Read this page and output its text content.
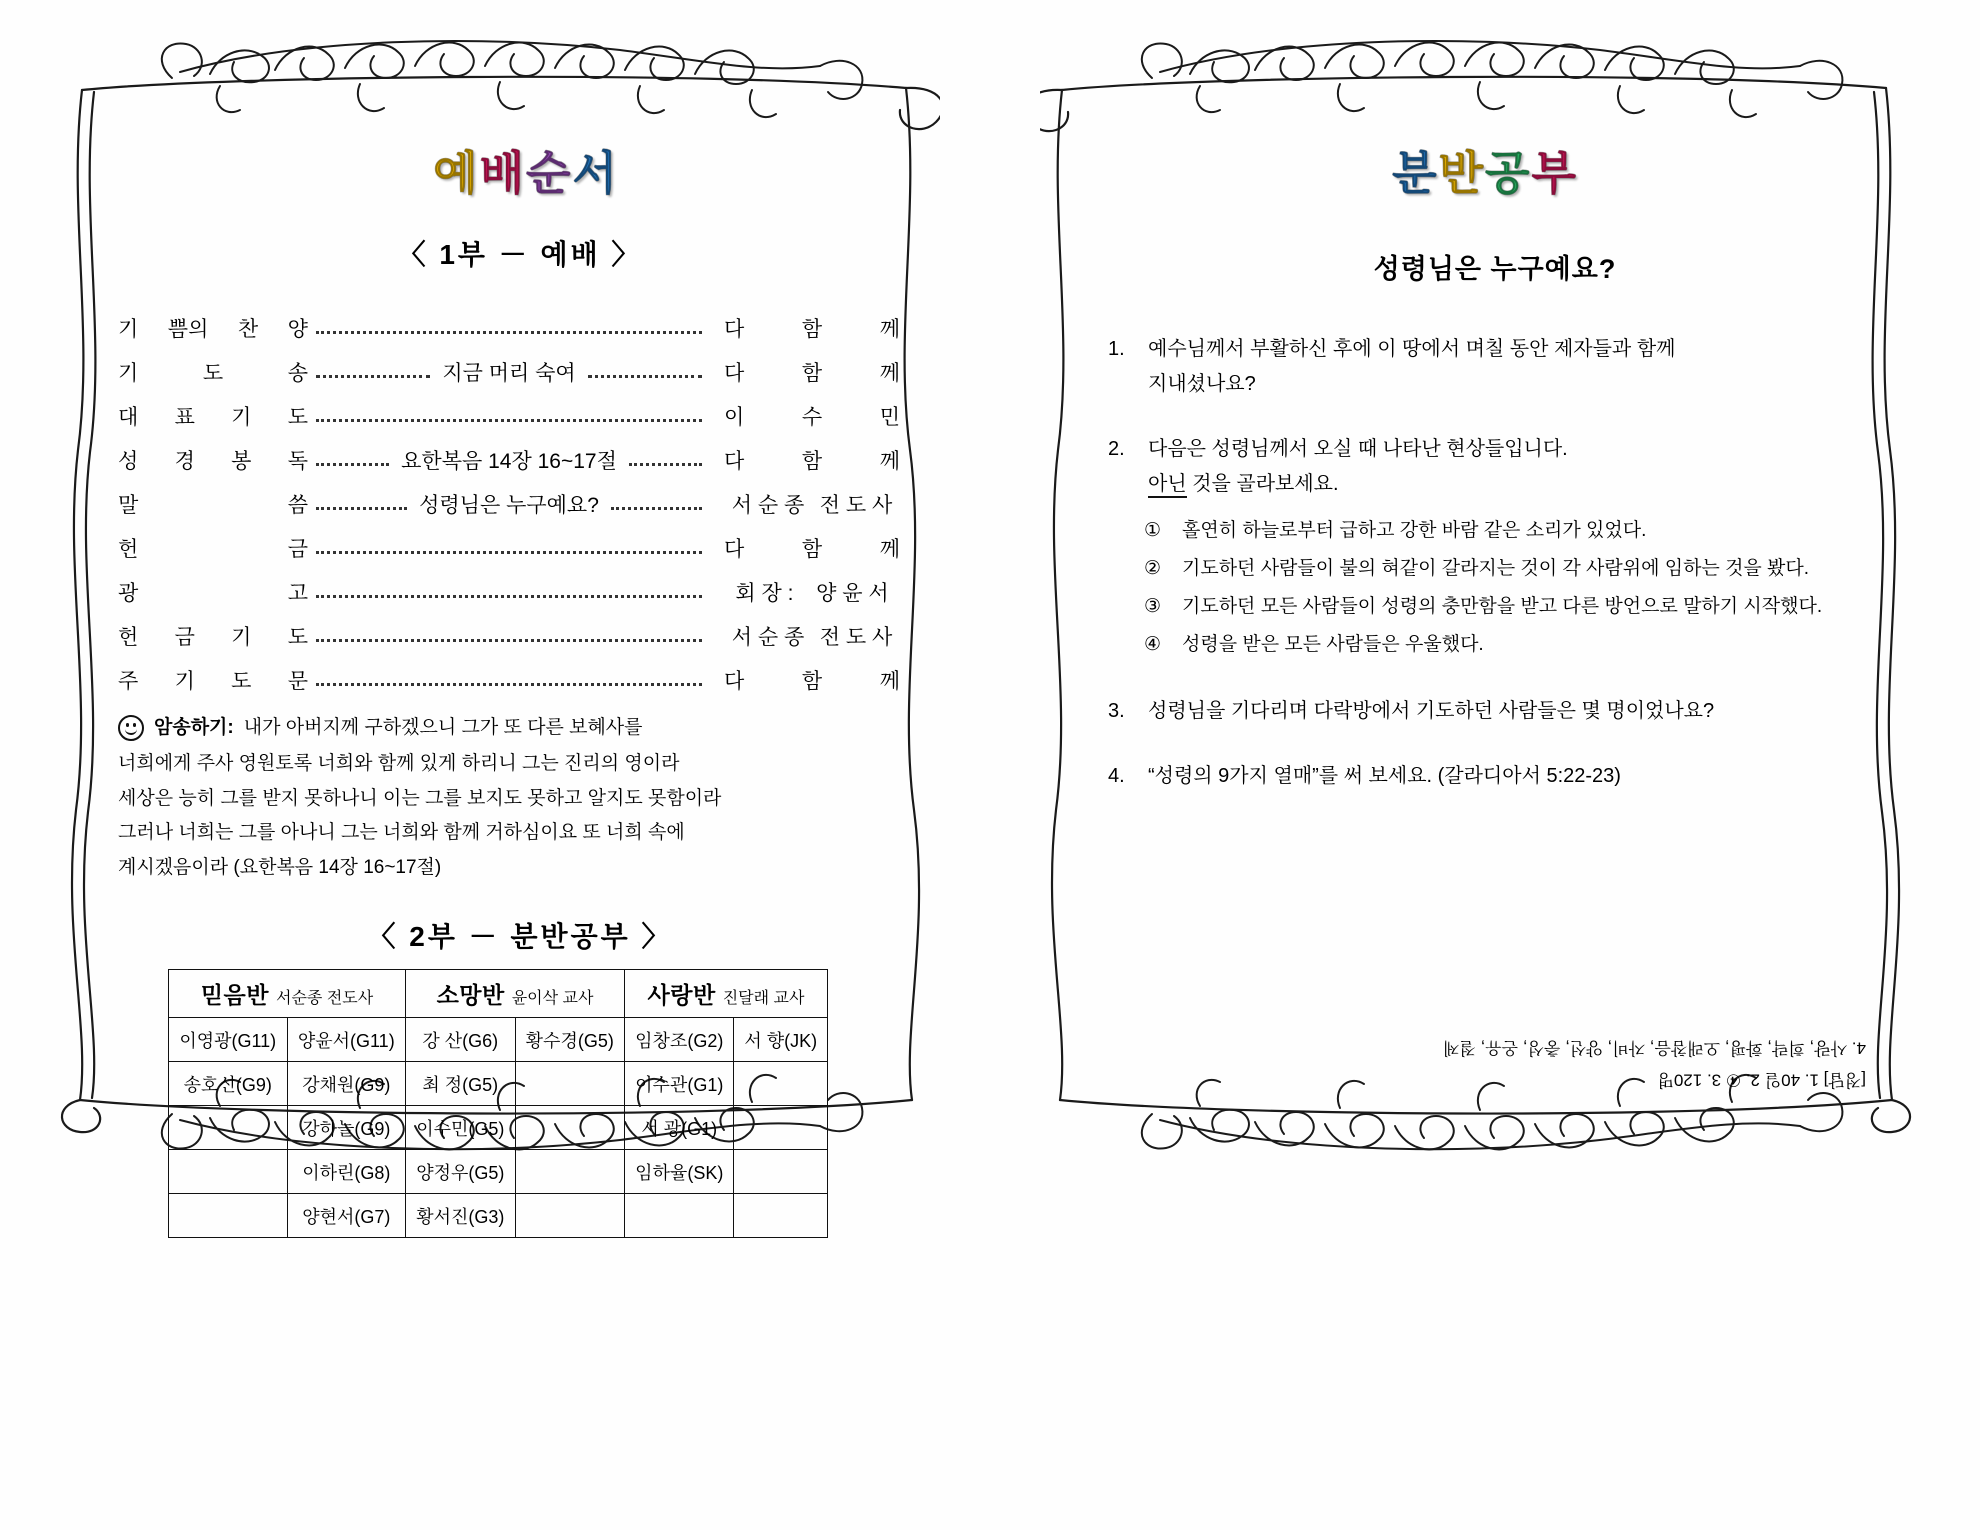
예배순서
〈 1부 － 예배 〉
기 쁨의 찬 양	다	함	께
기	도	송	지금 머리 숙여	다	함	께
대 표 기 도	이	수	민
성 경 봉 독	요한복음 14장 16~17절	다	함	께
말	씀	성령님은 누구예요?	서 순 종 전 도 사
헌	금	다	함	께
광	고	회 장 : 양 윤 서
헌 금 기 도	서 순 종 전 도 사
주 기 도 문	다	함	께
암송하기: 내가 아버지께 구하겠으니 그가 또 다른 보혜사를
너희에게 주사 영원토록 너희와 함께 있게 하리니 그는 진리의 영이라
세상은 능히 그를 받지 못하나니 이는 그를 보지도 못하고 알지도 못함이라
그러나 너희는 그를 아나니 그는 너희와 함께 거하심이요 또 너희 속에
계시겠음이라 (요한복음 14장 16~17절)
〈 2부 － 분반공부 〉
믿음반 서순종 전도사		소망반 윤이삭 교사		사랑반 진달래 교사	
이영광(G11)	양윤서(G11)	강 산(G6)	황수경(G5)	임창조(G2)	서 향(JK)
송호신(G9)	강채원(G9)	최 정(G5)		이수관(G1)	
	강하늘(G9)	이수민(G5)		서 광(G1)	
	이하린(G8)	양정우(G5)		임하율(SK)	
	양현서(G7)	황서진(G3)			
분반공부
성령님은 누구예요?
1.	예수님께서 부활하신 후에 이 땅에서 며칠 동안 제자들과 함께
지내셨나요?
2.	다음은 성령님께서 오실 때 나타난 현상들입니다.
아닌 것을 골라보세요.
①	홀연히 하늘로부터 급하고 강한 바람 같은 소리가 있었다.
②	기도하던 사람들이 불의 혀같이 갈라지는 것이 각 사람위에 임하는 것을 봤다.
③	기도하던 모든 사람들이 성령의 충만함을 받고 다른 방언으로 말하기 시작했다.
④	성령을 받은 모든 사람들은 우울했다.
3.	성령님을 기다리며 다락방에서 기도하던 사람들은 몇 명이었나요?
4.	“성령의 9가지 열매”를 써 보세요. (갈라디아서 5:22-23)
[정답] 1. 40일 2. ④ 3. 120명
4. 사랑, 희락, 화평, 오래참음, 자비, 양선, 충성, 온유, 절제
